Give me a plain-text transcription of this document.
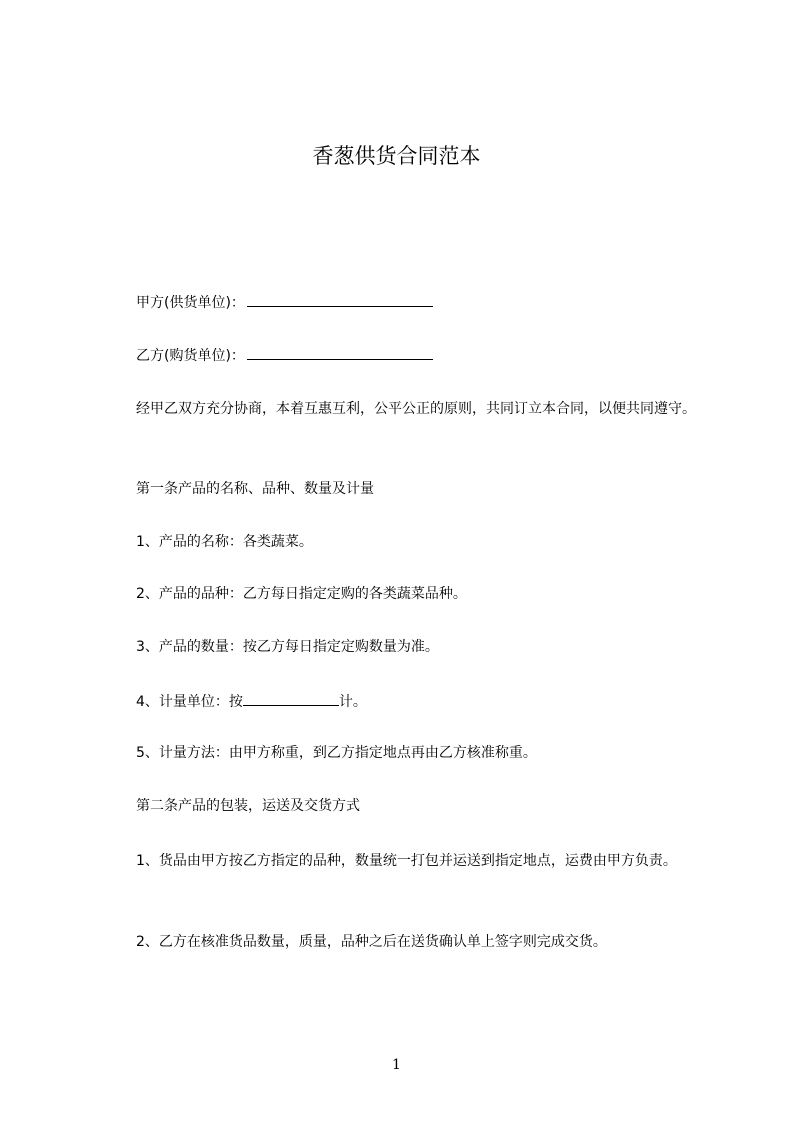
香葱供货合同范本
甲方(供货单位)：
乙方(购货单位)：
经甲乙双方充分协商，本着互惠互利，公平公正的原则，共同订立本合同，以便共同遵守。
第一条产品的名称、品种、数量及计量
1、产品的名称：各类蔬菜。
2、产品的品种：乙方每日指定定购的各类蔬菜品种。
3、产品的数量：按乙方每日指定定购数量为准。
4、计量单位：按	计。
5、计量方法：由甲方称重，到乙方指定地点再由乙方核准称重。
第二条产品的包装，运送及交货方式
1、货品由甲方按乙方指定的品种，数量统一打包并运送到指定地点，运费由甲方负责。
2、乙方在核准货品数量，质量，品种之后在送货确认单上签字则完成交货。
1
